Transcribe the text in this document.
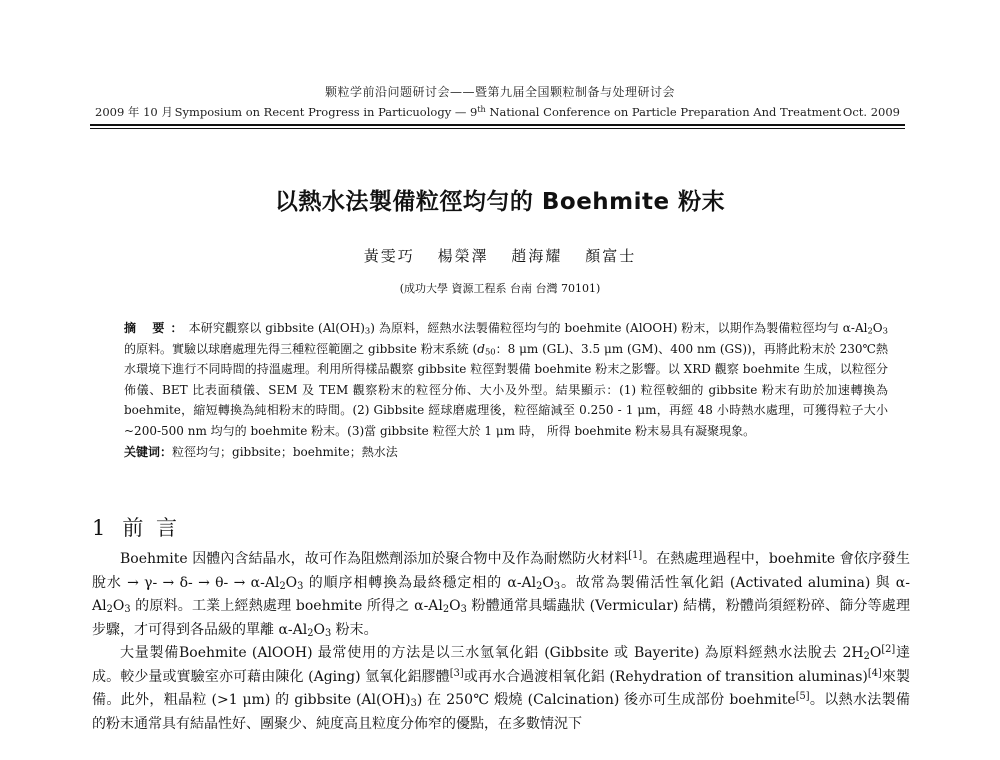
颗粒学前沿问题研讨会——暨第九届全国颗粒制备与处理研讨会
2009 年 10 月 Symposium on Recent Progress in Particuology — 9th National Conference on Particle Preparation And Treatment Oct. 2009
以熱水法製備粒徑均勻的 Boehmite 粉末
黃雯巧 楊榮澤 趙海耀 顏富士
(成功大學 資源工程系 台南 台灣 70101)
摘 要：本研究觀察以 gibbsite $(Al(OH)_3)$ 為原料，經熱水法製備粒徑均勻的 boehmite (AlOOH) 粉末，以期作為製備粒徑均勻 $\alpha-Al_2O_3$ 的原料。實驗以球磨處理先得三種粒徑範圍之 gibbsite 粉末系統 ($d_{50}$：8 μm (GL)、3.5 μm (GM)、400 nm (GS))，再將此粉末於 230℃熱水環境下進行不同時間的持溫處理。利用所得樣品觀察 gibbsite 粒徑對製備 boehmite 粉末之影響。以 XRD 觀察 boehmite 生成，以粒徑分佈儀、BET 比表面積儀、SEM 及 TEM 觀察粉末的粒徑分佈、大小及外型。結果顯示：(1) 粒徑較細的 gibbsite 粉末有助於加速轉換為 boehmite，縮短轉換為純相粉末的時間。(2) Gibbsite 經球磨處理後，粒徑縮減至 0.250 - 1 μm，再經 48 小時熱水處理，可獲得粒子大小~200-500 nm 均勻的 boehmite 粉末。(3)當 gibbsite 粒徑大於 1 μm 時， 所得 boehmite 粉末易具有凝聚現象。
关键词：粒徑均勻；gibbsite；boehmite；熱水法
1 前 言

Boehmite 因體內含結晶水，故可作為阻燃劑添加於聚合物中及作為耐燃防火材料[1]。在熱處理過程中，boehmite 會依序發生脫水 → $\gamma- \to \delta- \to \theta- \to \alpha-Al_2O_3$ 的順序相轉換為最終穩定相的 $\alpha-Al_2O_3$。故常為製備活性氧化鋁 (Activated alumina) 與 $\alpha-Al_2O_3$ 的原料。工業上經熱處理 boehmite 所得之 $\alpha-Al_2O_3$ 粉體通常具蠕蟲狀 (Vermicular) 結構，粉體尚須經粉碎、篩分等處理步驟，才可得到各品級的單離 $\alpha-Al_2O_3$ 粉末。

大量製備Boehmite (AlOOH) 最常使用的方法是以三水氫氧化鋁 (Gibbsite 或 Bayerite) 為原料經熱水法脫去 $2H_2O[2]$達成。較少量或實驗室亦可藉由陳化 (Aging) 氫氧化鋁膠體[3]或再水合過渡相氧化鋁 (Rehydration of transition aluminas)[4]來製備。此外，粗晶粒 (>1 μm) 的 gibbsite $(Al(OH)_3)$ 在 250℃ 煅燒 (Calcination) 後亦可生成部份 boehmite[5]。以熱水法製備的粉末通常具有結晶性好、團聚少、純度高且粒度分佈窄的優點，在多數情況下
